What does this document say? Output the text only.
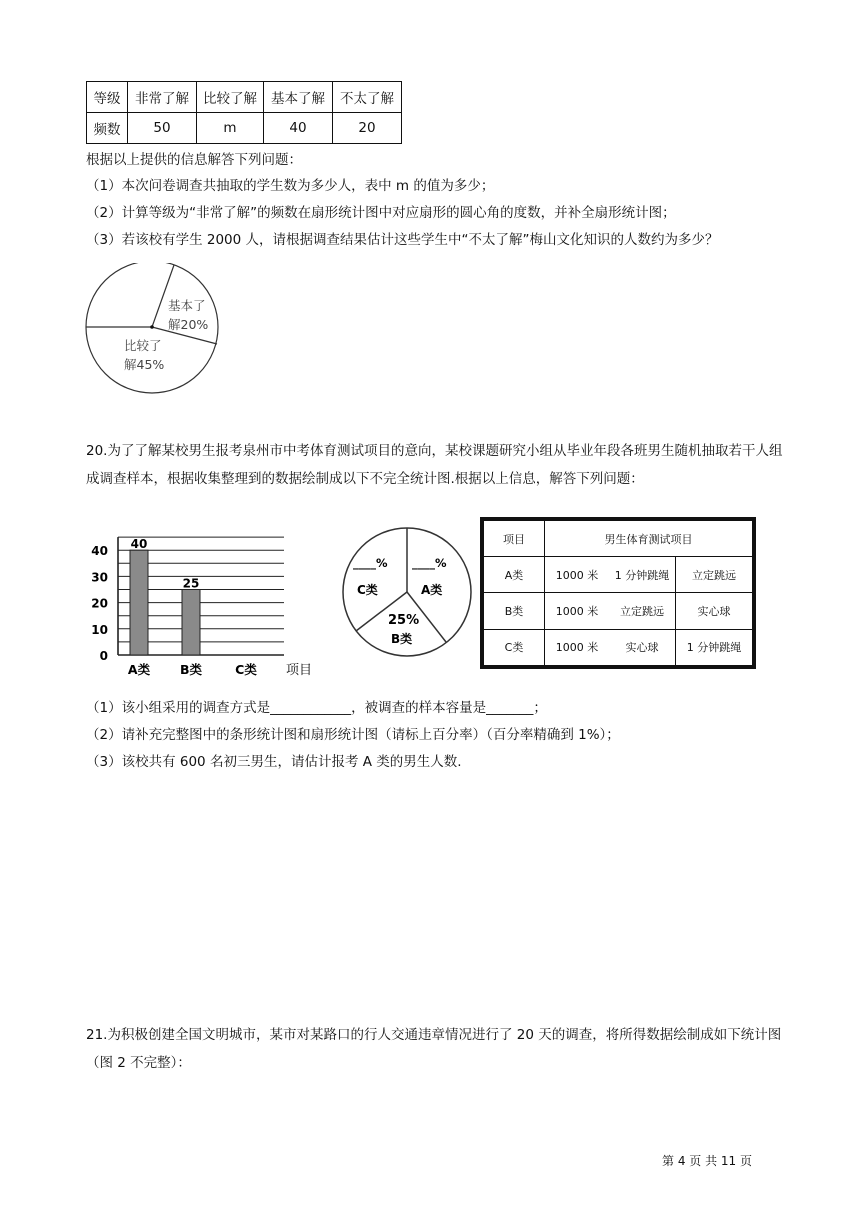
等级	非常了解	比较了解	基本了解	不太了解
频数	50	m	40	20
根据以上提供的信息解答下列问题：
（1）本次问卷调查共抽取的学生数为多少人，表中 m 的值为多少；
（2）计算等级为“非常了解”的频数在扇形统计图中对应扇形的圆心角的度数，并补全扇形统计图；
（3）若该校有学生 2000 人，请根据调查结果估计这些学生中“不太了解”梅山文化知识的人数约为多少？
基本了
解20%
比较了
解45%
20.为了了解某校男生报考泉州市中考体育测试项目的意向，某校课题研究小组从毕业年段各班男生随机抽取若干人组成调查样本，根据收集整理到的数据绘制成以下不完全统计图.根据以上信息，解答下列问题：
0
10
20
30
40 40
A类
25
B类	C类 项目
____% ____%
C类	A类
25%
B类
项目	男生体育测试项目		
A类	1000 米	1 分钟跳绳	立定跳远
B类	1000 米	立定跳远	实心球
C类	1000 米	实心球	1 分钟跳绳
（1）该小组采用的调查方式是____________，被调查的样本容量是_______；
（2）请补充完整图中的条形统计图和扇形统计图（请标上百分率）（百分率精确到 1%）；
（3）该校共有 600 名初三男生，请估计报考 A 类的男生人数.
21.为积极创建全国文明城市，某市对某路口的行人交通违章情况进行了 20 天的调查，将所得数据绘制成如下统计图（图 2 不完整）：
第 4 页 共 11 页
